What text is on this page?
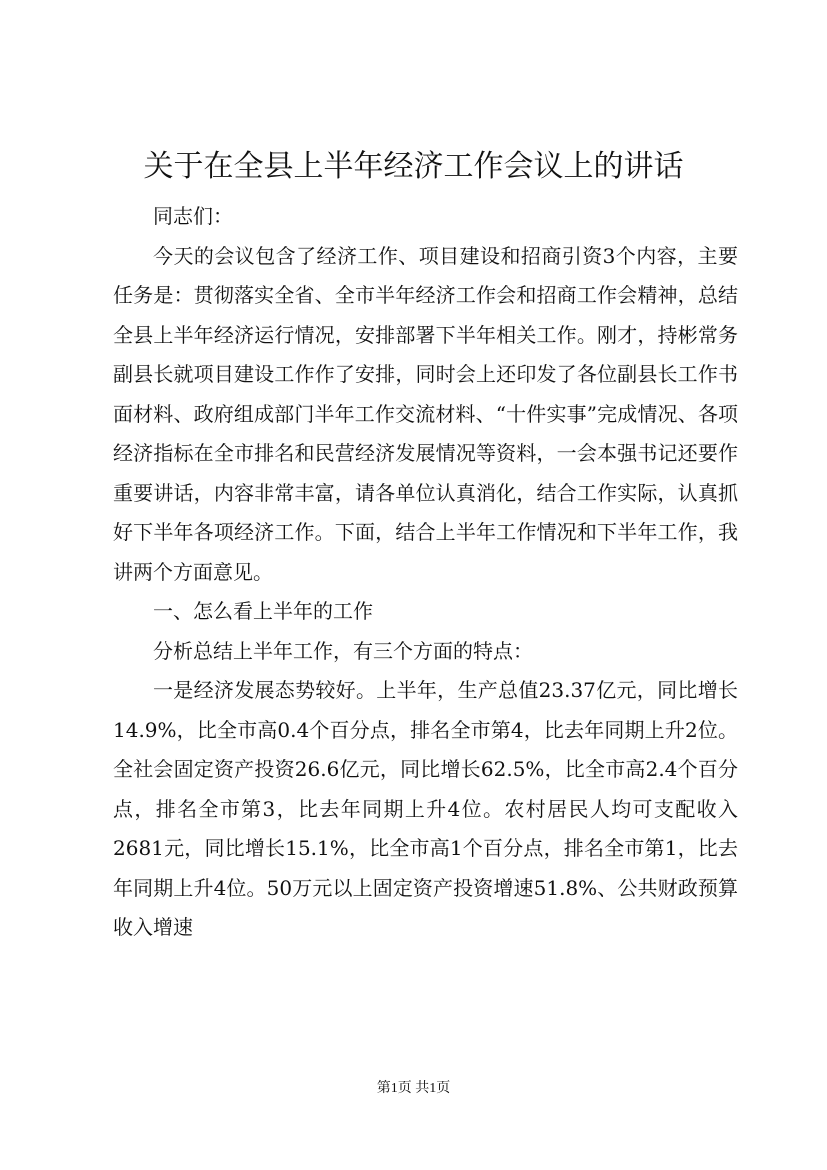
关于在全县上半年经济工作会议上的讲话

同志们：

今天的会议包含了经济工作、项目建设和招商引资3个内容，主要任务是：贯彻落实全省、全市半年经济工作会和招商工作会精神，总结全县上半年经济运行情况，安排部署下半年相关工作。刚才，持彬常务副县长就项目建设工作作了安排，同时会上还印发了各位副县长工作书面材料、政府组成部门半年工作交流材料、“十件实事”完成情况、各项经济指标在全市排名和民营经济发展情况等资料，一会本强书记还要作重要讲话，内容非常丰富，请各单位认真消化，结合工作实际，认真抓好下半年各项经济工作。下面，结合上半年工作情况和下半年工作，我讲两个方面意见。

一、怎么看上半年的工作

分析总结上半年工作，有三个方面的特点：

一是经济发展态势较好。上半年，生产总值23.37亿元，同比增长14.9%，比全市高0.4个百分点，排名全市第4，比去年同期上升2位。全社会固定资产投资26.6亿元，同比增长62.5%，比全市高2.4个百分点，排名全市第3，比去年同期上升4位。农村居民人均可支配收入2681元，同比增长15.1%，比全市高1个百分点，排名全市第1，比去年同期上升4位。50万元以上固定资产投资增速51.8%、公共财政预算收入增速

第1页 共1页
